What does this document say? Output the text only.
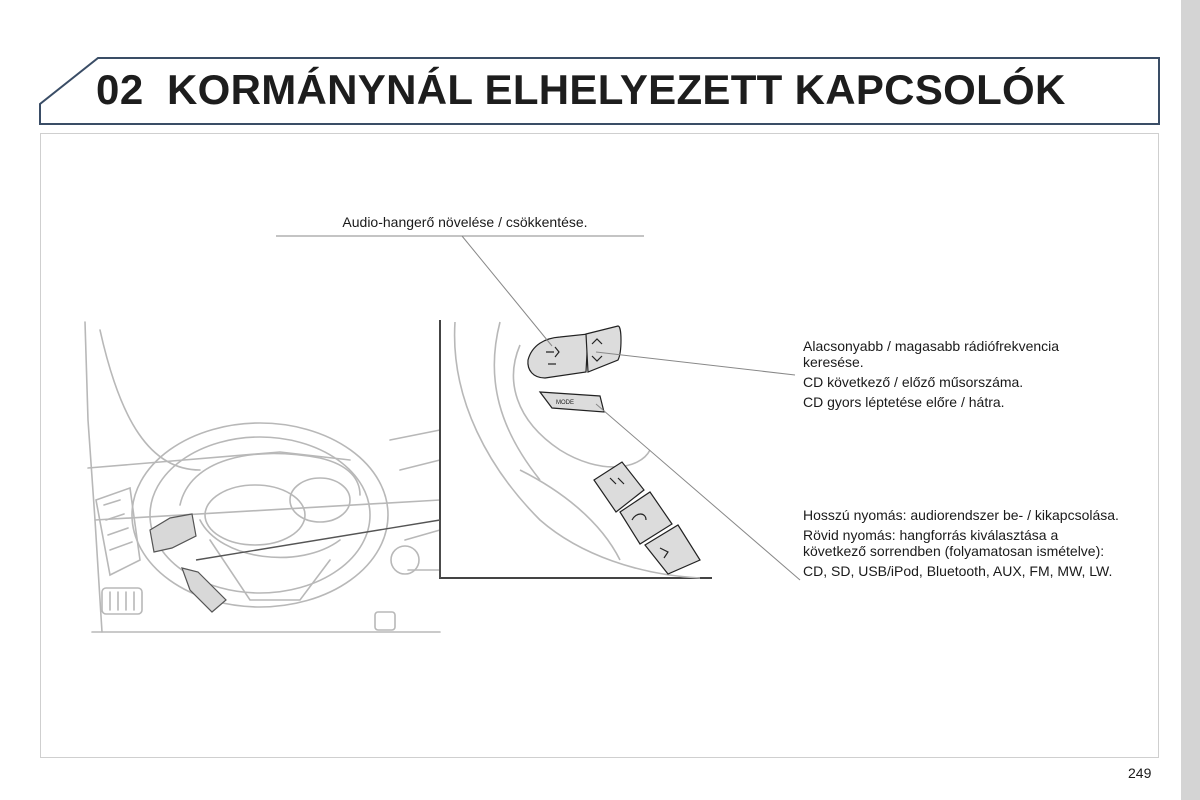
02 KORMÁNYNÁL ELHELYEZETT KAPCSOLÓK
MODE
Audio-hangerő növelése / csökkentése.

Alacsonyabb / magasabb rádiófrekvencia keresése.

CD következő / előző műsorszáma.

CD gyors léptetése előre / hátra.

Hosszú nyomás: audiorendszer be- / kikapcsolása.

Rövid nyomás: hangforrás kiválasztása a következő sorrendben (folyamatosan ismételve):

CD, SD, USB/iPod, Bluetooth, AUX, FM, MW, LW.

249
